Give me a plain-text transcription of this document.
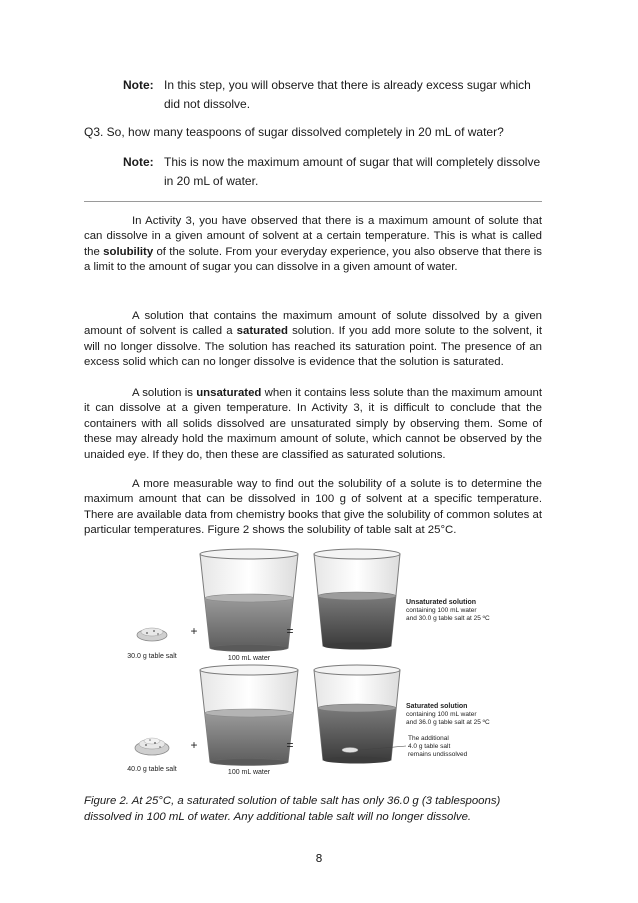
Note: In this step, you will observe that there is already excess sugar which did not dissolve.
Q3. So, how many teaspoons of sugar dissolved completely in 20 mL of water?
Note: This is now the maximum amount of sugar that will completely dissolve in 20 mL of water.

In Activity 3, you have observed that there is a maximum amount of solute that can dissolve in a given amount of solvent at a certain temperature. This is what is called the solubility of the solute. From your everyday experience, you also observe that there is a limit to the amount of sugar you can dissolve in a given amount of water.

A solution that contains the maximum amount of solute dissolved by a given amount of solvent is called a saturated solution. If you add more solute to the solvent, it will no longer dissolve. The solution has reached its saturation point. The presence of an excess solid which can no longer dissolve is evidence that the solution is saturated.

A solution is unsaturated when it contains less solute than the maximum amount it can dissolve at a given temperature. In Activity 3, it is difficult to conclude that the containers with all solids dissolved are unsaturated simply by observing them. Some of these may already hold the maximum amount of solute, which cannot be observed by the unaided eye. If they do, then these are classified as saturated solutions.

A more measurable way to find out the solubility of a solute is to determine the maximum amount that can be dissolved in 100 g of solvent at a specific temperature. There are available data from chemistry books that give the solubility of common solutes at particular temperatures. Figure 2 shows the solubility of table salt at 25°C.

30.0 g table salt
+
100 mL water
=
Unsaturated solution
containing 100 mL water
and 30.0 g table salt at 25 ºC
40.0 g table salt
+
100 mL water
=
Saturated solution
containing 100 mL water
and 36.0 g table salt at 25 ºC
The additional
4.0 g table salt
remains undissolved

Figure 2. At 25°C, a saturated solution of table salt has only 36.0 g (3 tablespoons) dissolved in 100 mL of water. Any additional table salt will no longer dissolve.

8
